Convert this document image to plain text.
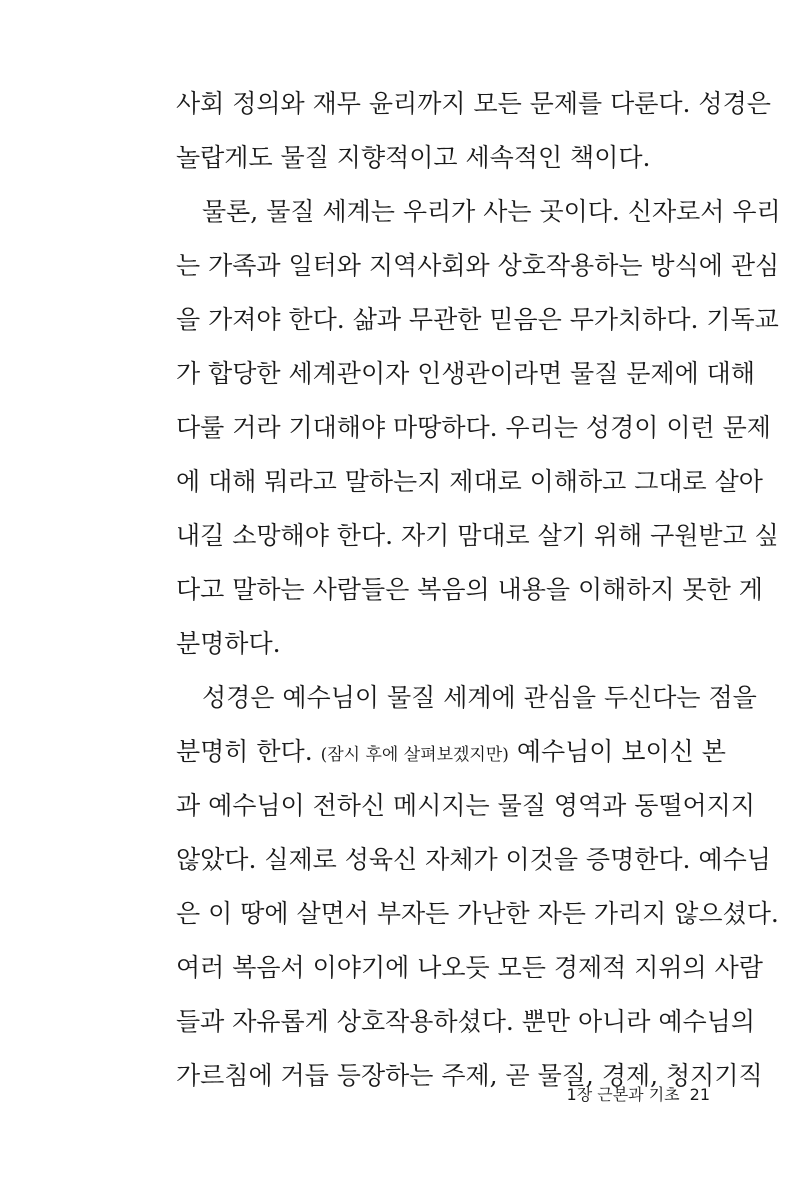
사회 정의와 재무 윤리까지 모든 문제를 다룬다. 성경은
놀랍게도 물질 지향적이고 세속적인 책이다.
물론, 물질 세계는 우리가 사는 곳이다. 신자로서 우리
는 가족과 일터와 지역사회와 상호작용하는 방식에 관심
을 가져야 한다. 삶과 무관한 믿음은 무가치하다. 기독교
가 합당한 세계관이자 인생관이라면 물질 문제에 대해
다룰 거라 기대해야 마땅하다. 우리는 성경이 이런 문제
에 대해 뭐라고 말하는지 제대로 이해하고 그대로 살아
내길 소망해야 한다. 자기 맘대로 살기 위해 구원받고 싶
다고 말하는 사람들은 복음의 내용을 이해하지 못한 게
분명하다.
성경은 예수님이 물질 세계에 관심을 두신다는 점을
분명히 한다. (잠시 후에 살펴보겠지만) 예수님이 보이신 본
과 예수님이 전하신 메시지는 물질 영역과 동떨어지지
않았다. 실제로 성육신 자체가 이것을 증명한다. 예수님
은 이 땅에 살면서 부자든 가난한 자든 가리지 않으셨다.
여러 복음서 이야기에 나오듯 모든 경제적 지위의 사람
들과 자유롭게 상호작용하셨다. 뿐만 아니라 예수님의
가르침에 거듭 등장하는 주제, 곧 물질, 경제, 청지기직
1장 근본과 기초 21
